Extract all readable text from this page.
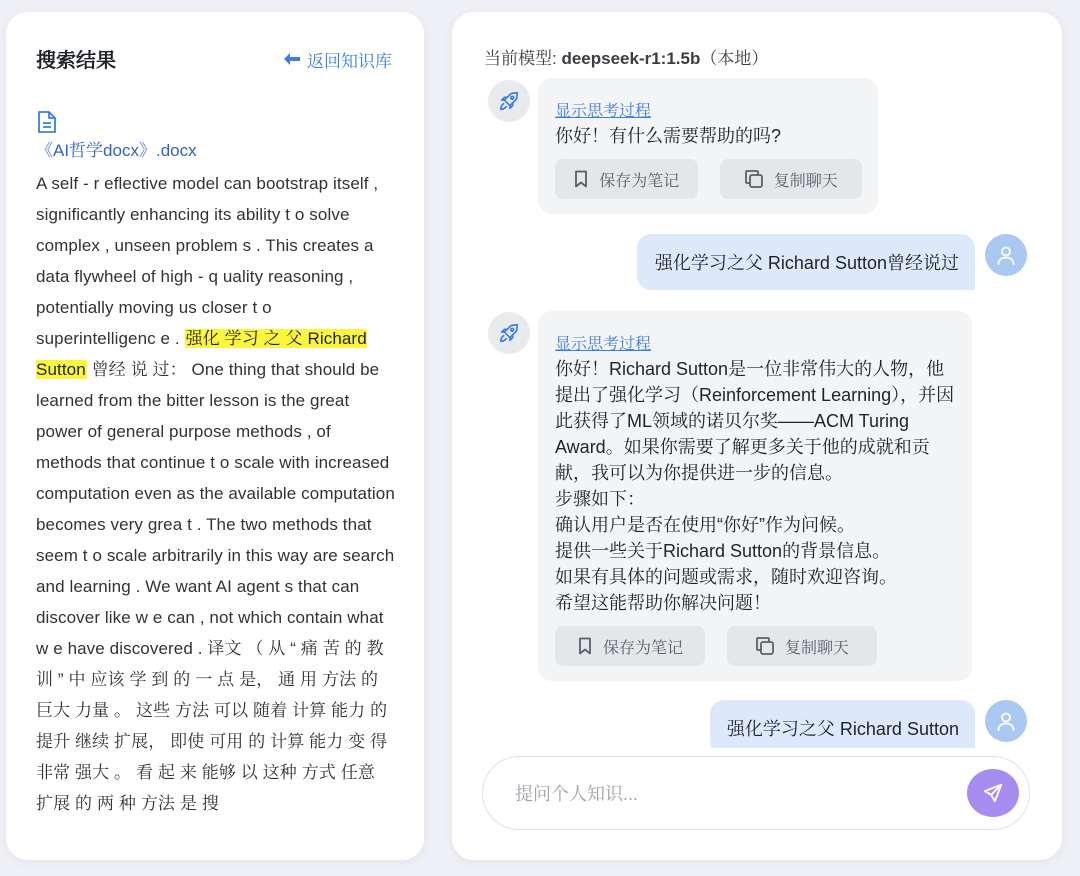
搜索结果	返回知识库
《AI哲学docx》.docx
A self - r eflective model can bootstrap itself , significantly enhancing its ability t o solve complex , unseen problem s . This creates a data flywheel of high - q uality reasoning , potentially moving us closer t o superintelligenc e . 强化 学习 之 父 Richard Sutton 曾经 说 过： One thing that should be learned from the bitter lesson is the great power of general purpose methods , of methods that continue t o scale with increased computation even as the available computation becomes very grea t . The two methods that seem t o scale arbitrarily in this way are search and learning . We want AI agent s that can discover like w e can , not which contain what w e have discovered . 译文 （ 从 “ 痛 苦 的 教训 ” 中 应该 学 到 的 一 点 是， 通 用 方法 的 巨大 力量 。 这些 方法 可以 随着 计算 能力 的 提升 继续 扩展， 即使 可用 的 计算 能力 变 得 非常 强大 。 看 起 来 能够 以 这种 方式 任意 扩展 的 两 种 方法 是 搜
当前模型: deepseek-r1:1.5b（本地）
显示思考过程
你好！有什么需要帮助的吗?
保存为笔记	复制聊天
强化学习之父 Richard Sutton曾经说过
显示思考过程
你好！Richard Sutton是一位非常伟大的人物，他提出了强化学习（Reinforcement Learning），并因此获得了ML领域的诺贝尔奖——ACM Turing Award。如果你需要了解更多关于他的成就和贡献，我可以为你提供进一步的信息。
步骤如下：
确认用户是否在使用“你好”作为问候。
提供一些关于Richard Sutton的背景信息。
如果有具体的问题或需求，随时欢迎咨询。
希望这能帮助你解决问题！
保存为笔记	复制聊天
强化学习之父 Richard Sutton
提问个人知识...
